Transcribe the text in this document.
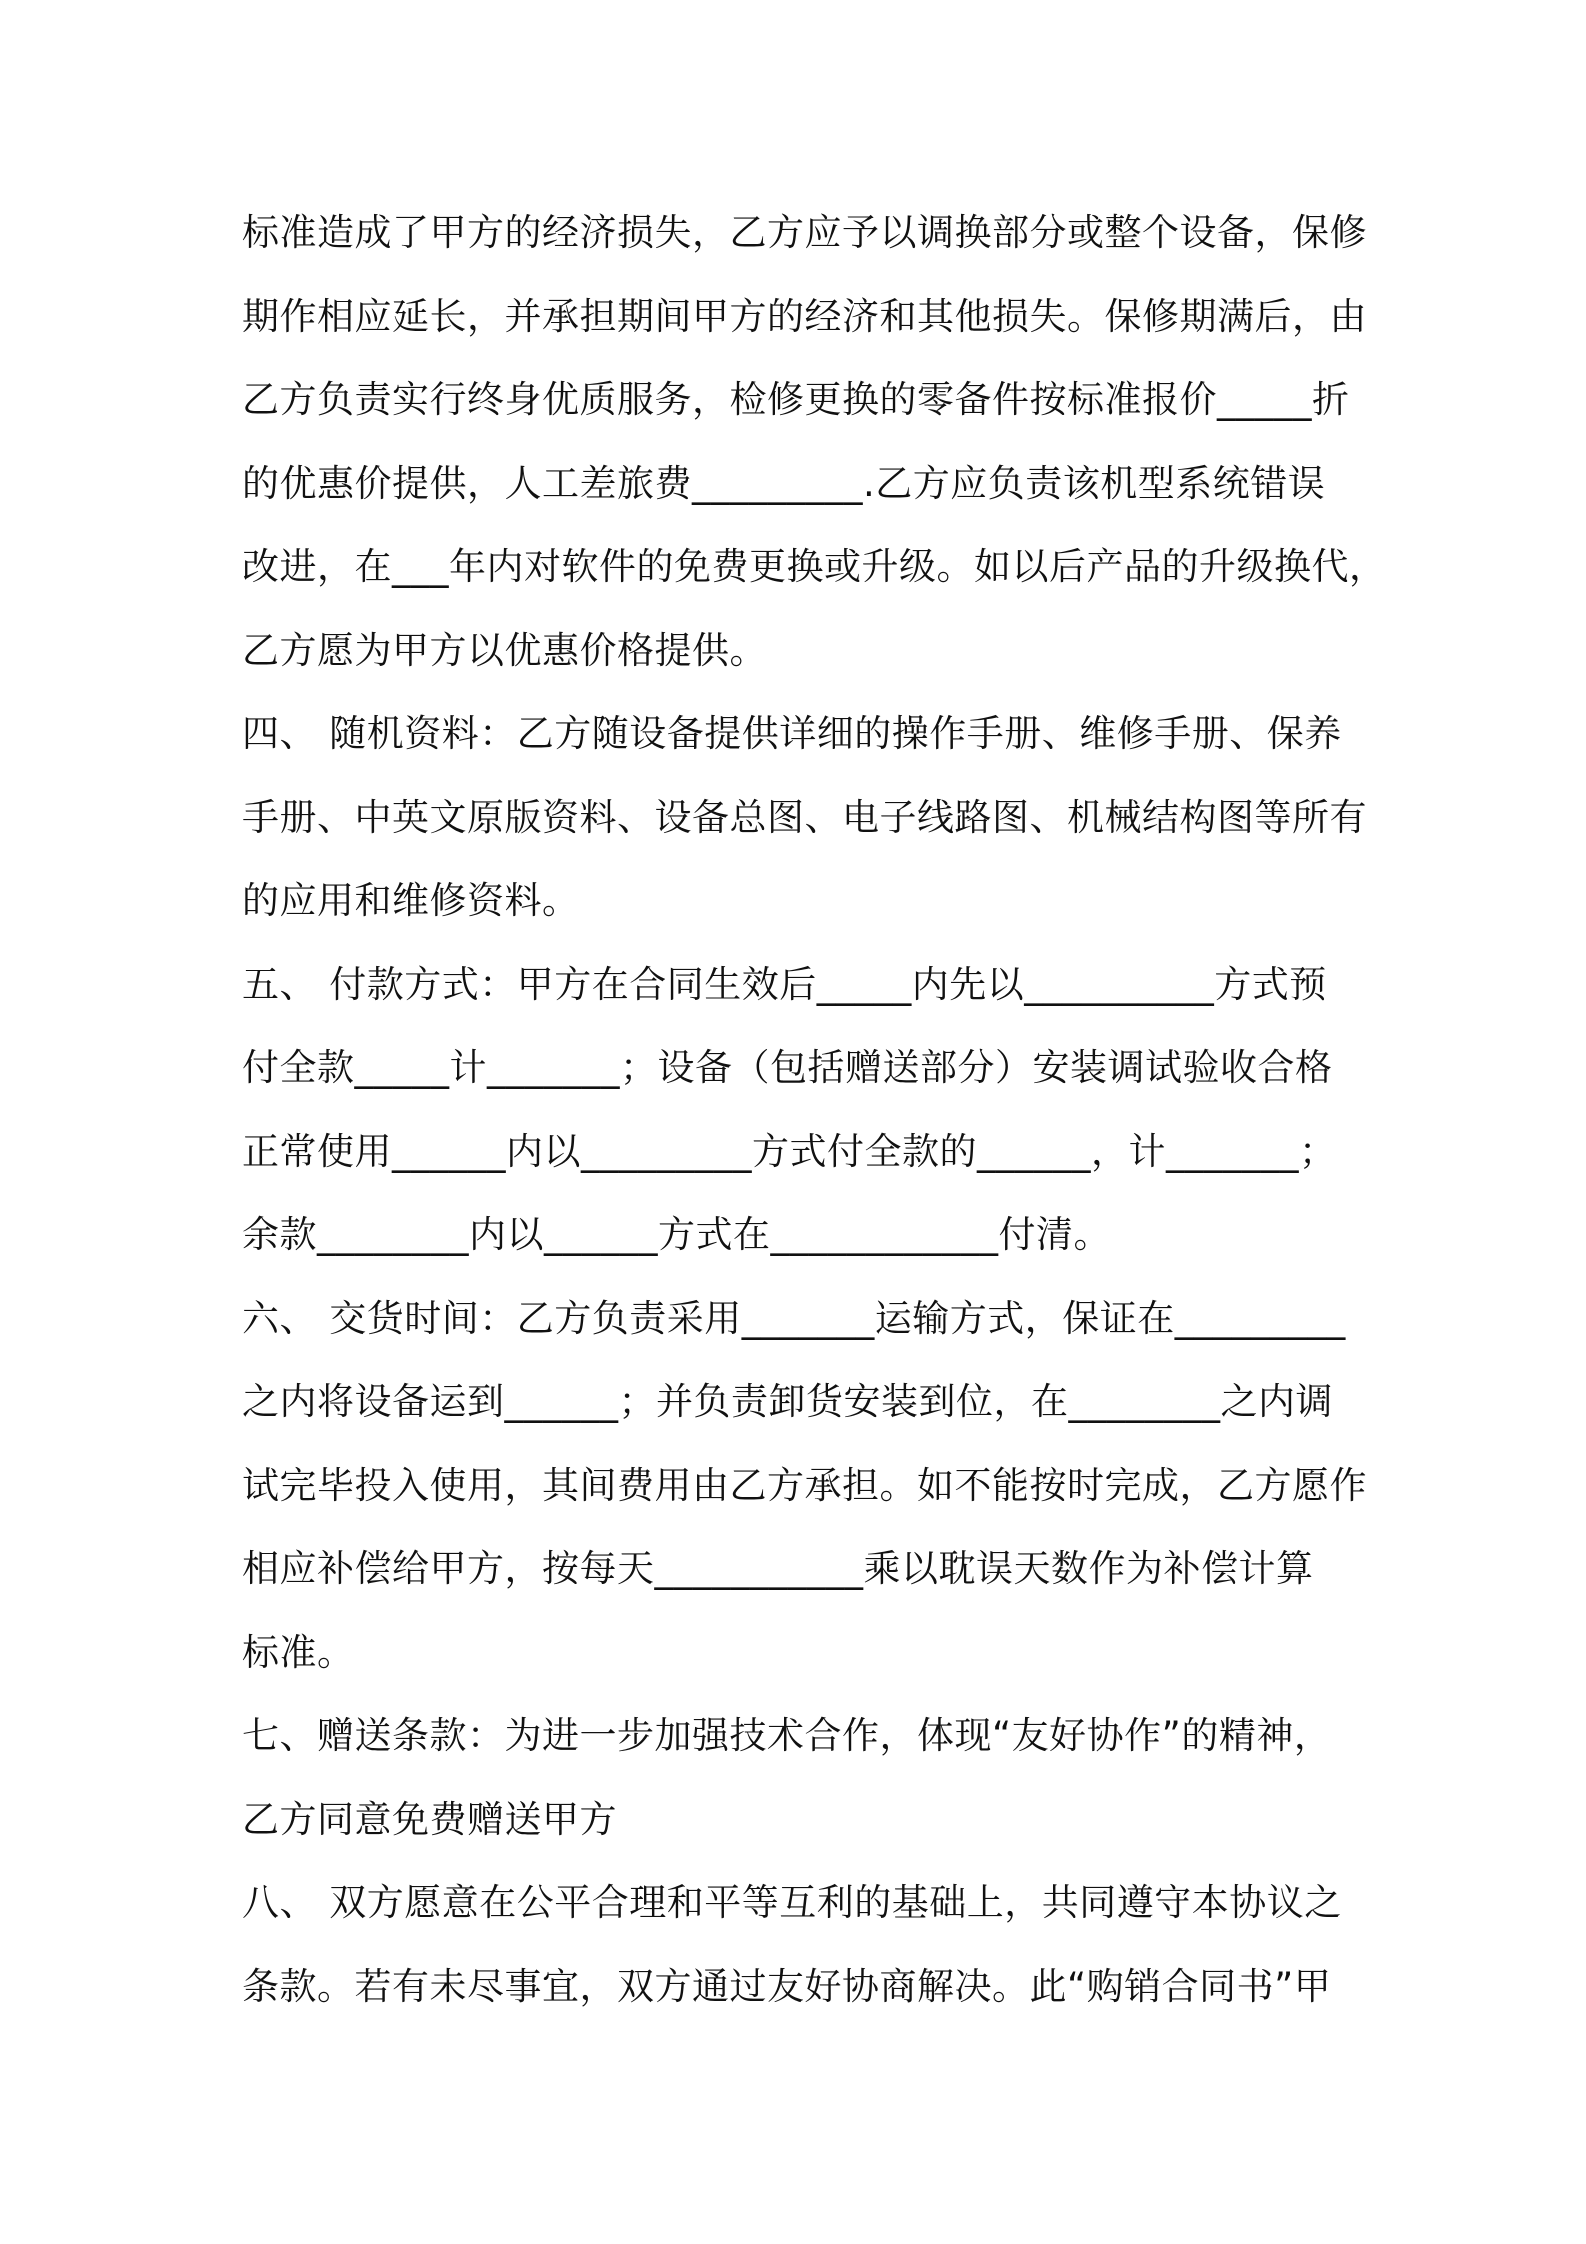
标准造成了甲方的经济损失，乙方应予以调换部分或整个设备，保修
期作相应延长，并承担期间甲方的经济和其他损失。保修期满后，由
乙方负责实行终身优质服务，检修更换的零备件按标准报价_____折
的优惠价提供，人工差旅费_________.乙方应负责该机型系统错误
改进，在___年内对软件的免费更换或升级。如以后产品的升级换代，
乙方愿为甲方以优惠价格提供。
四、 随机资料：乙方随设备提供详细的操作手册、维修手册、保养
手册、中英文原版资料、设备总图、电子线路图、机械结构图等所有
的应用和维修资料。
五、 付款方式：甲方在合同生效后_____内先以__________方式预
付全款_____计_______；设备（包括赠送部分）安装调试验收合格
正常使用______内以_________方式付全款的______，计_______；
余款________内以______方式在____________付清。
六、 交货时间：乙方负责采用_______运输方式，保证在_________
之内将设备运到______；并负责卸货安装到位，在________之内调
试完毕投入使用，其间费用由乙方承担。如不能按时完成，乙方愿作
相应补偿给甲方，按每天___________乘以耽误天数作为补偿计算
标准。
七、赠送条款：为进一步加强技术合作，体现“友好协作”的精神，
乙方同意免费赠送甲方
八、 双方愿意在公平合理和平等互利的基础上，共同遵守本协议之
条款。若有未尽事宜，双方通过友好协商解决。此“购销合同书”甲
